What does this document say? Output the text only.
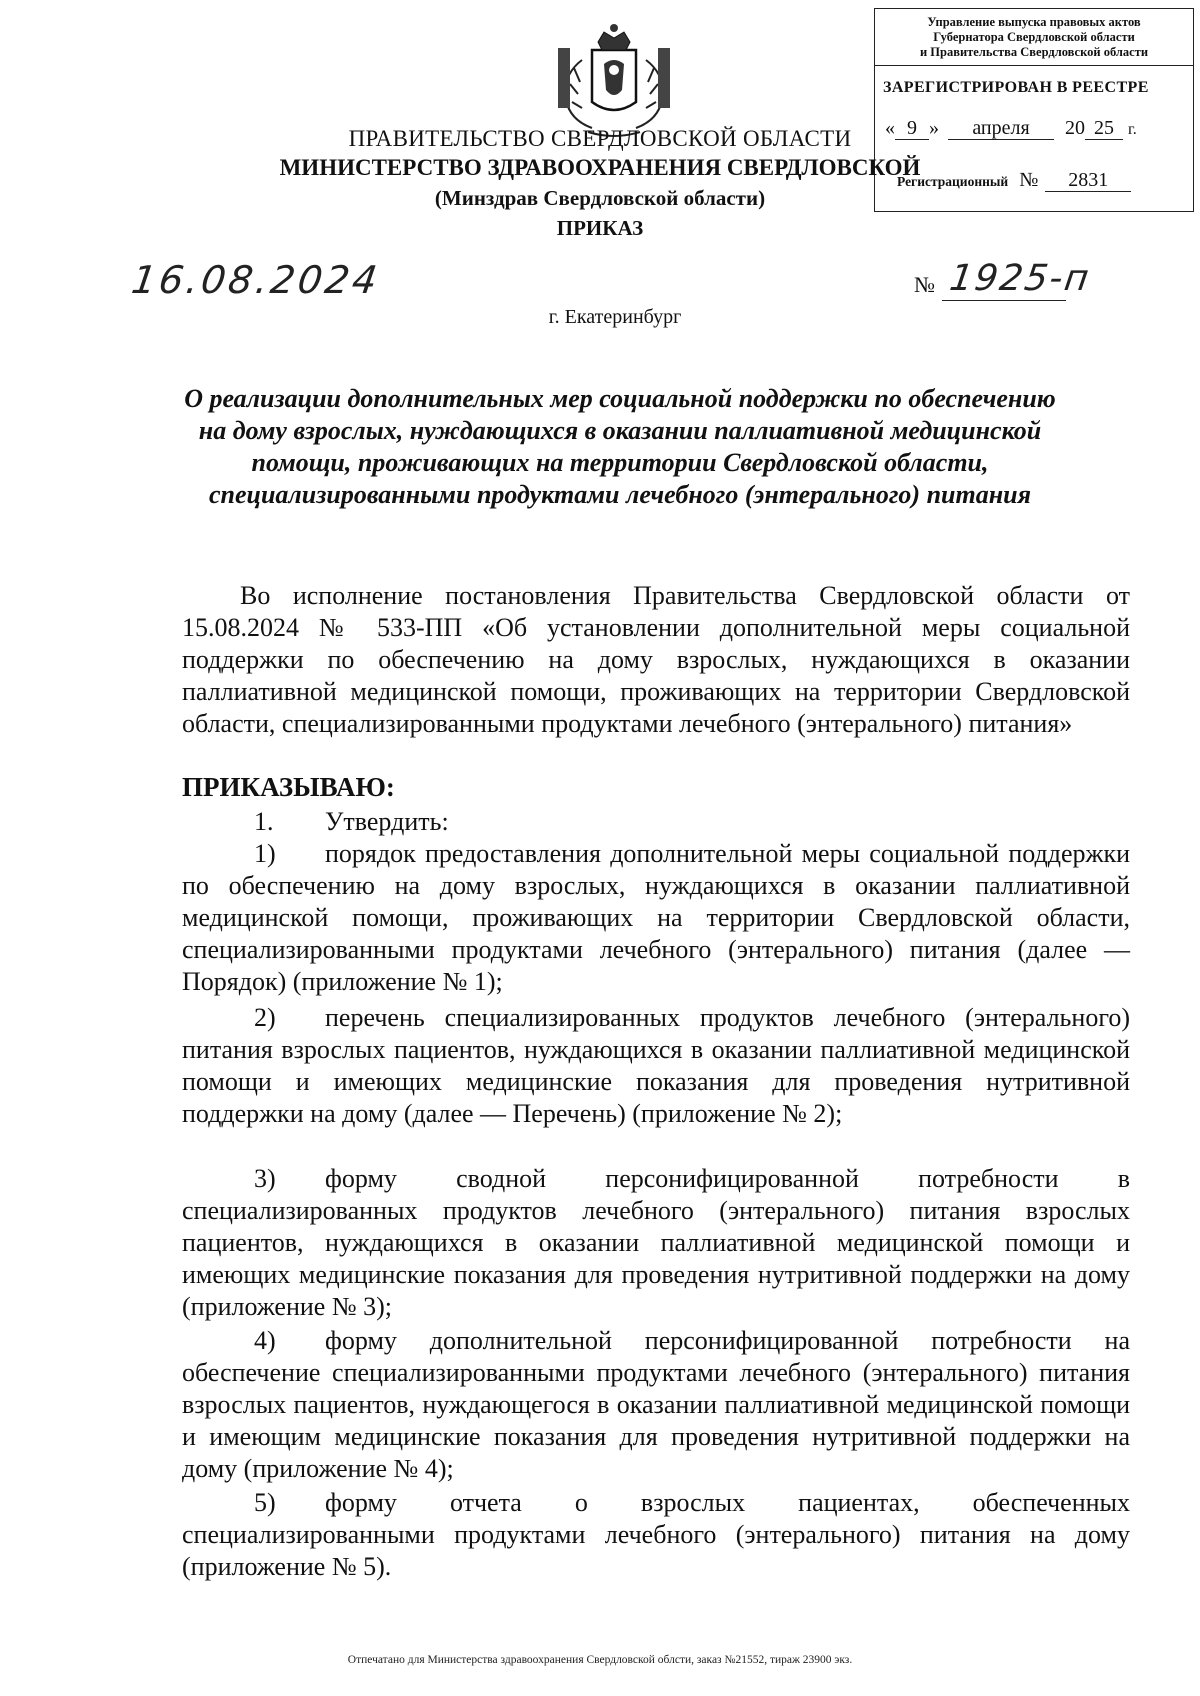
Управление выпуска правовых актов
Губернатора Свердловской области
и Правительства Свердловской области
ЗАРЕГИСТРИРОВАН В РЕЕСТРЕ
« 9 » апреля 20 25 г.
Регистрационный № 2831
ПРАВИТЕЛЬСТВО СВЕРДЛОВСКОЙ ОБЛАСТИ
МИНИСТЕРСТВО ЗДРАВООХРАНЕНИЯ СВЕРДЛОВСКОЙ
(Минздрав Свердловской области)
ПРИКАЗ
16.08.2024	№ 1925-п
г. Екатеринбург
О реализации дополнительных мер социальной поддержки по обеспечению на дому взрослых, нуждающихся в оказании паллиативной медицинской помощи, проживающих на территории Свердловской области, специализированными продуктами лечебного (энтерального) питания
Во исполнение постановления Правительства Свердловской области от 15.08.2024 № 533-ПП «Об установлении дополнительной меры социальной поддержки по обеспечению на дому взрослых, нуждающихся в оказании паллиативной медицинской помощи, проживающих на территории Свердловской области, специализированными продуктами лечебного (энтерального) питания»
ПРИКАЗЫВАЮ:
1. Утвердить:
1) порядок предоставления дополнительной меры социальной поддержки по обеспечению на дому взрослых, нуждающихся в оказании паллиативной медицинской помощи, проживающих на территории Свердловской области, специализированными продуктами лечебного (энтерального) питания (далее — Порядок) (приложение № 1);
2) перечень специализированных продуктов лечебного (энтерального) питания взрослых пациентов, нуждающихся в оказании паллиативной медицинской помощи и имеющих медицинские показания для проведения нутритивной поддержки на дому (далее — Перечень) (приложение № 2);
3) форму сводной персонифицированной потребности в специализированных продуктов лечебного (энтерального) питания взрослых пациентов, нуждающихся в оказании паллиативной медицинской помощи и имеющих медицинские показания для проведения нутритивной поддержки на дому (приложение № 3);
4) форму дополнительной персонифицированной потребности на обеспечение специализированными продуктами лечебного (энтерального) питания взрослых пациентов, нуждающегося в оказании паллиативной медицинской помощи и имеющим медицинские показания для проведения нутритивной поддержки на дому (приложение № 4);
5) форму отчета о взрослых пациентах, обеспеченных специализированными продуктами лечебного (энтерального) питания на дому (приложение № 5).
Отпечатано для Министерства здравоохранения Свердловской облсти, заказ №21552, тираж 23900 экз.
